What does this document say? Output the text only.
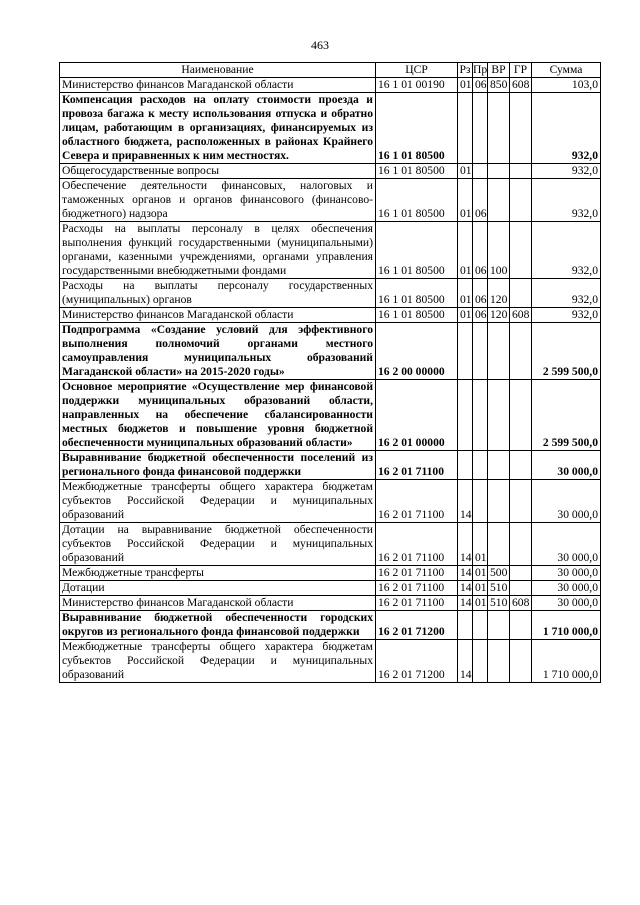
463
Наименование	ЦСР	Рз	Пр	ВР	ГР	Сумма
Министерство финансов Магаданской области	16 1 01 00190	01	06	850	608	103,0
Компенсация расходов на оплату стоимости проезда и провоза багажа к месту использования отпуска и обратно лицам, работающим в организациях, финансируемых из областного бюджета, расположенных в районах Крайнего Севера и приравненных к ним местностях.	16 1 01 80500					932,0
Общегосударственные вопросы	16 1 01 80500	01				932,0
Обеспечение деятельности финансовых, налоговых и таможенных органов и органов финансового (финансово-бюджетного) надзора	16 1 01 80500	01	06			932,0
Расходы на выплаты персоналу в целях обеспечения выполнения функций государственными (муниципальными) органами, казенными учреждениями, органами управления государственными внебюджетными фондами	16 1 01 80500	01	06	100		932,0
Расходы на выплаты персоналу государственных (муниципальных) органов	16 1 01 80500	01	06	120		932,0
Министерство финансов Магаданской области	16 1 01 80500	01	06	120	608	932,0
Подпрограмма «Создание условий для эффективного выполнения полномочий органами местного самоуправления муниципальных образований Магаданской области» на 2015-2020 годы»	16 2 00 00000					2 599 500,0
Основное мероприятие «Осуществление мер финансовой поддержки муниципальных образований области, направленных на обеспечение сбалансированности местных бюджетов и повышение уровня бюджетной обеспеченности муниципальных образований области»	16 2 01 00000					2 599 500,0
Выравнивание бюджетной обеспеченности поселений из регионального фонда финансовой поддержки	16 2 01 71100					30 000,0
Межбюджетные трансферты общего характера бюджетам субъектов Российской Федерации и муниципальных образований	16 2 01 71100	14				30 000,0
Дотации на выравнивание бюджетной обеспеченности субъектов Российской Федерации и муниципальных образований	16 2 01 71100	14	01			30 000,0
Межбюджетные трансферты	16 2 01 71100	14	01	500		30 000,0
Дотации	16 2 01 71100	14	01	510		30 000,0
Министерство финансов Магаданской области	16 2 01 71100	14	01	510	608	30 000,0
Выравнивание бюджетной обеспеченности городских округов из регионального фонда финансовой поддержки	16 2 01 71200					1 710 000,0
Межбюджетные трансферты общего характера бюджетам субъектов Российской Федерации и муниципальных образований	16 2 01 71200	14				1 710 000,0
